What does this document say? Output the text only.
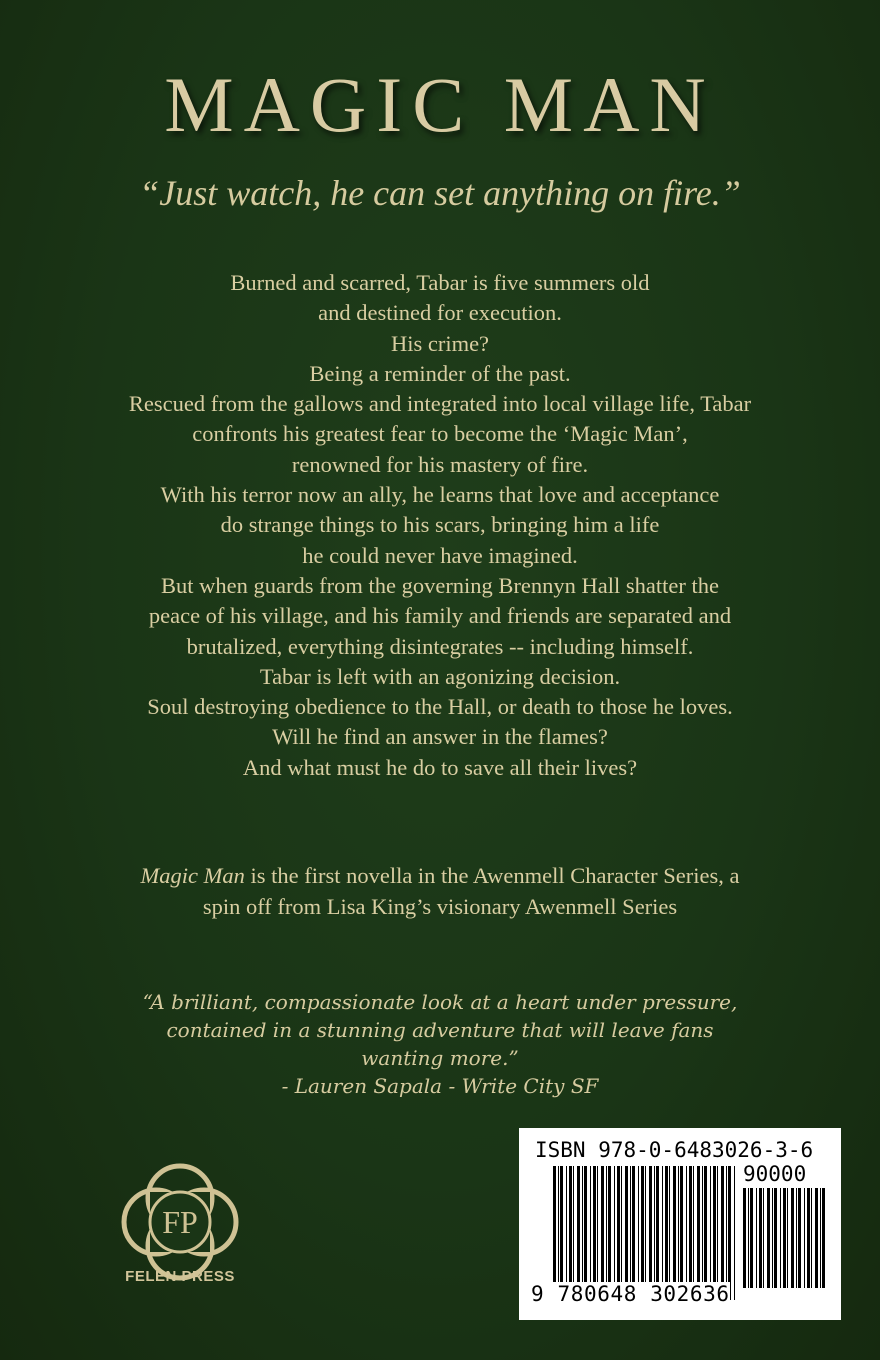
MAGIC MAN
“Just watch, he can set anything on fire.”
Burned and scarred, Tabar is five summers old
and destined for execution.
His crime?
Being a reminder of the past.
Rescued from the gallows and integrated into local village life, Tabar
confronts his greatest fear to become the ‘Magic Man’,
renowned for his mastery of fire.
With his terror now an ally, he learns that love and acceptance
do strange things to his scars, bringing him a life
he could never have imagined.
But when guards from the governing Brennyn Hall shatter the
peace of his village, and his family and friends are separated and
brutalized, everything disintegrates -- including himself.
Tabar is left with an agonizing decision.
Soul destroying obedience to the Hall, or death to those he loves.
Will he find an answer in the flames?
And what must he do to save all their lives?
Magic Man is the first novella in the Awenmell Character Series, a
spin off from Lisa King’s visionary Awenmell Series
“A brilliant, compassionate look at a heart under pressure,
contained in a stunning adventure that will leave fans
wanting more.”
- Lauren Sapala - Write City SF
FP
FELEN PRESS
ISBN 978-0-6483026-3-6
90000
9 780648 302636
